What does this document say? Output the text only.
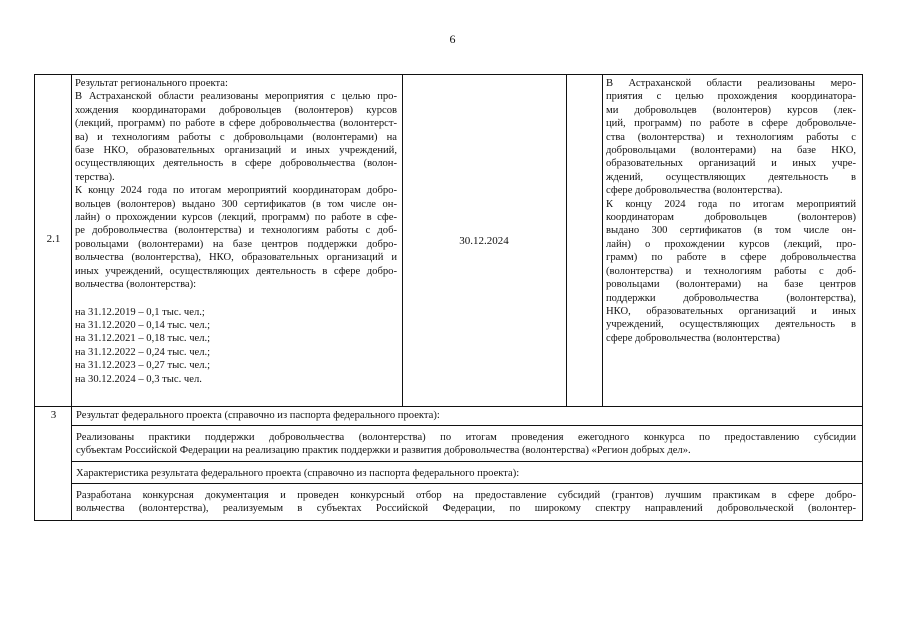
6
2.1
Результат регионального проекта:
В Астраханской области реализованы мероприятия с целью про-
хождения координаторами добровольцев (волонтеров) курсов
(лекций, программ) по работе в сфере добровольчества (волонтерст-
ва) и технологиям работы с добровольцами (волонтерами) на
базе НКО, образовательных организаций и иных учреждений,
осуществляющих деятельность в сфере добровольчества (волон-
терства).
К концу 2024 года по итогам мероприятий координаторам добро-
вольцев (волонтеров) выдано 300 сертификатов (в том числе он-
лайн) о прохождении курсов (лекций, программ) по работе в сфе-
ре добровольчества (волонтерства) и технологиям работы с доб-
ровольцами (волонтерами) на базе центров поддержки добро-
вольчества (волонтерства), НКО, образовательных организаций и
иных учреждений, осуществляющих деятельность в сфере добро-
вольчества (волонтерства):
на 31.12.2019 – 0,1 тыс. чел.;
на 31.12.2020 – 0,14 тыс. чел.;
на 31.12.2021 – 0,18 тыс. чел.;
на 31.12.2022 – 0,24 тыс. чел.;
на 31.12.2023 – 0,27 тыс. чел.;
на 30.12.2024 – 0,3 тыс. чел.
30.12.2024
В Астраханской области реализованы меро-
приятия с целью прохождения координаторa-
ми добровольцев (волонтеров) курсов (лек-
ций, программ) по работе в сфере добровольче-
ства (волонтерства) и технологиям работы с
добровольцами (волонтерами) на базе НКО,
образовательных организаций и иных учре-
ждений, осуществляющих деятельность в
сфере добровольчества (волонтерства).
К концу 2024 года по итогам мероприятий
координаторам добровольцев (волонтеров)
выдано 300 сертификатов (в том числе он-
лайн) о прохождении курсов (лекций, про-
грамм) по работе в сфере добровольчества
(волонтерства) и технологиям работы с доб-
ровольцами (волонтерами) на базе центров
поддержки добровольчества (волонтерства),
НКО, образовательных организаций и иных
учреждений, осуществляющих деятельность в
сфере добровольчества (волонтерства)
3	Результат федерального проекта (справочно из паспорта федерального проекта):
Реализованы практики поддержки добровольчества (волонтерства) по итогам проведения ежегодного конкурса по предоставлению субсидии
субъектам Российской Федерации на реализацию практик поддержки и развития добровольчества (волонтерства) «Регион добрых дел».
Характеристика результата федерального проекта (справочно из паспорта федерального проекта):
Разработана конкурсная документация и проведен конкурсный отбор на предоставление субсидий (грантов) лучшим практикам в сфере добро-
вольчества (волонтерства), реализуемым в субъектах Российской Федерации, по широкому спектру направлений добровольческой (волонтер-
